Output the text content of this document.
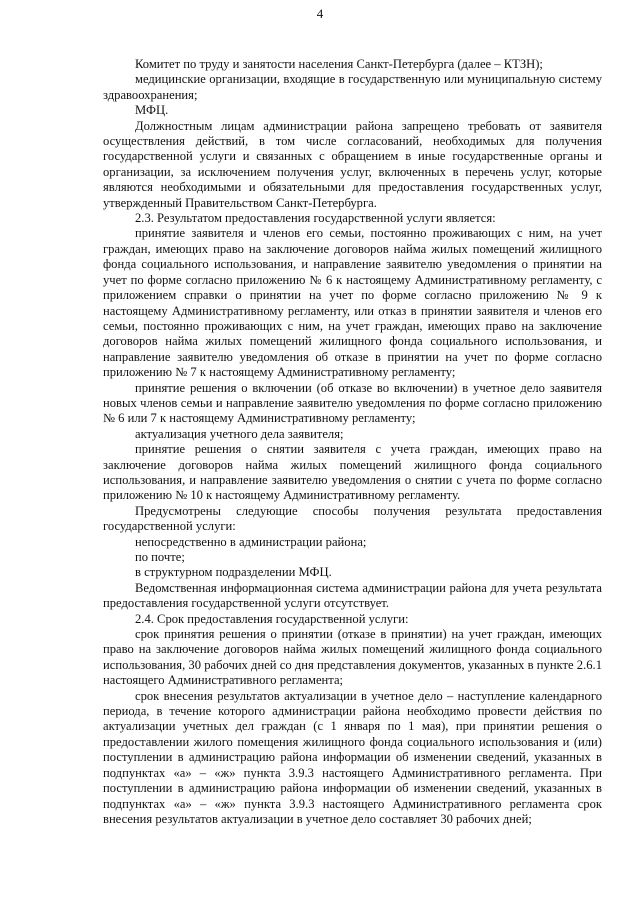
4

Комитет по труду и занятости населения Санкт-Петербурга (далее – КТЗН);

медицинские организации, входящие в государственную или муниципальную систему здравоохранения;

МФЦ.

Должностным лицам администрации района запрещено требовать от заявителя осуществления действий, в том числе согласований, необходимых для получения государственной услуги и связанных с обращением в иные государственные органы и организации, за исключением получения услуг, включенных в перечень услуг, которые являются необходимыми и обязательными для предоставления государственных услуг, утвержденный Правительством Санкт-Петербурга.

2.3. Результатом предоставления государственной услуги является:

принятие заявителя и членов его семьи, постоянно проживающих с ним, на учет граждан, имеющих право на заключение договоров найма жилых помещений жилищного фонда социального использования, и направление заявителю уведомления о принятии на учет по форме согласно приложению № 6 к настоящему Административному регламенту, с приложением справки о принятии на учет по форме согласно приложению № 9 к настоящему Административному регламенту, или отказ в принятии заявителя и членов его семьи, постоянно проживающих с ним, на учет граждан, имеющих право на заключение договоров найма жилых помещений жилищного фонда социального использования, и направление заявителю уведомления об отказе в принятии на учет по форме согласно приложению № 7 к настоящему Административному регламенту;

принятие решения о включении (об отказе во включении) в учетное дело заявителя новых членов семьи и направление заявителю уведомления по форме согласно приложению № 6 или 7 к настоящему Административному регламенту;

актуализация учетного дела заявителя;

принятие решения о снятии заявителя с учета граждан, имеющих право на заключение договоров найма жилых помещений жилищного фонда социального использования, и направление заявителю уведомления о снятии с учета по форме согласно приложению № 10 к настоящему Административному регламенту.

Предусмотрены следующие способы получения результата предоставления государственной услуги:

непосредственно в администрации района;

по почте;

в структурном подразделении МФЦ.

Ведомственная информационная система администрации района для учета результата предоставления государственной услуги отсутствует.

2.4. Срок предоставления государственной услуги:

срок принятия решения о принятии (отказе в принятии) на учет граждан, имеющих право на заключение договоров найма жилых помещений жилищного фонда социального использования, 30 рабочих дней со дня представления документов, указанных в пункте 2.6.1 настоящего Административного регламента;

срок внесения результатов актуализации в учетное дело – наступление календарного периода, в течение которого администрации района необходимо провести действия по актуализации учетных дел граждан (с 1 января по 1 мая), при принятии решения о предоставлении жилого помещения жилищного фонда социального использования и (или) поступлении в администрацию района информации об изменении сведений, указанных в подпунктах «а» – «ж» пункта 3.9.3 настоящего Административного регламента. При поступлении в администрацию района информации об изменении сведений, указанных в подпунктах «а» – «ж» пункта 3.9.3 настоящего Административного регламента срок внесения результатов актуализации в учетное дело составляет 30 рабочих дней;
